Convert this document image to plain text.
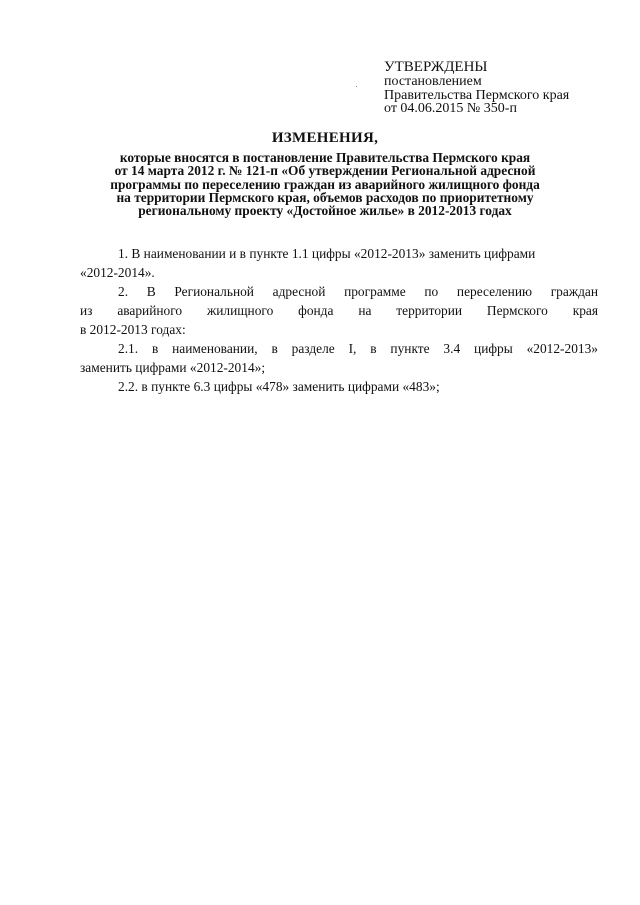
УТВЕРЖДЕНЫ
постановлением
Правительства Пермского края
от 04.06.2015 № 350-п
ИЗМЕНЕНИЯ,
которые вносятся в постановление Правительства Пермского края
от 14 марта 2012 г. № 121-п «Об утверждении Региональной адресной
программы по переселению граждан из аварийного жилищного фонда
на территории Пермского края, объемов расходов по приоритетному
региональному проекту «Достойное жилье» в 2012-2013 годах

1. В наименовании и в пункте 1.1 цифры «2012-2013» заменить цифрами
«2012-2014».

2. В Региональной адресной программе по переселению граждан
из аварийного жилищного фонда на территории Пермского края
в 2012-2013 годах:

2.1. в наименовании, в разделе I, в пункте 3.4 цифры «2012-2013»
заменить цифрами «2012-2014»;

2.2. в пункте 6.3 цифры «478» заменить цифрами «483»;
